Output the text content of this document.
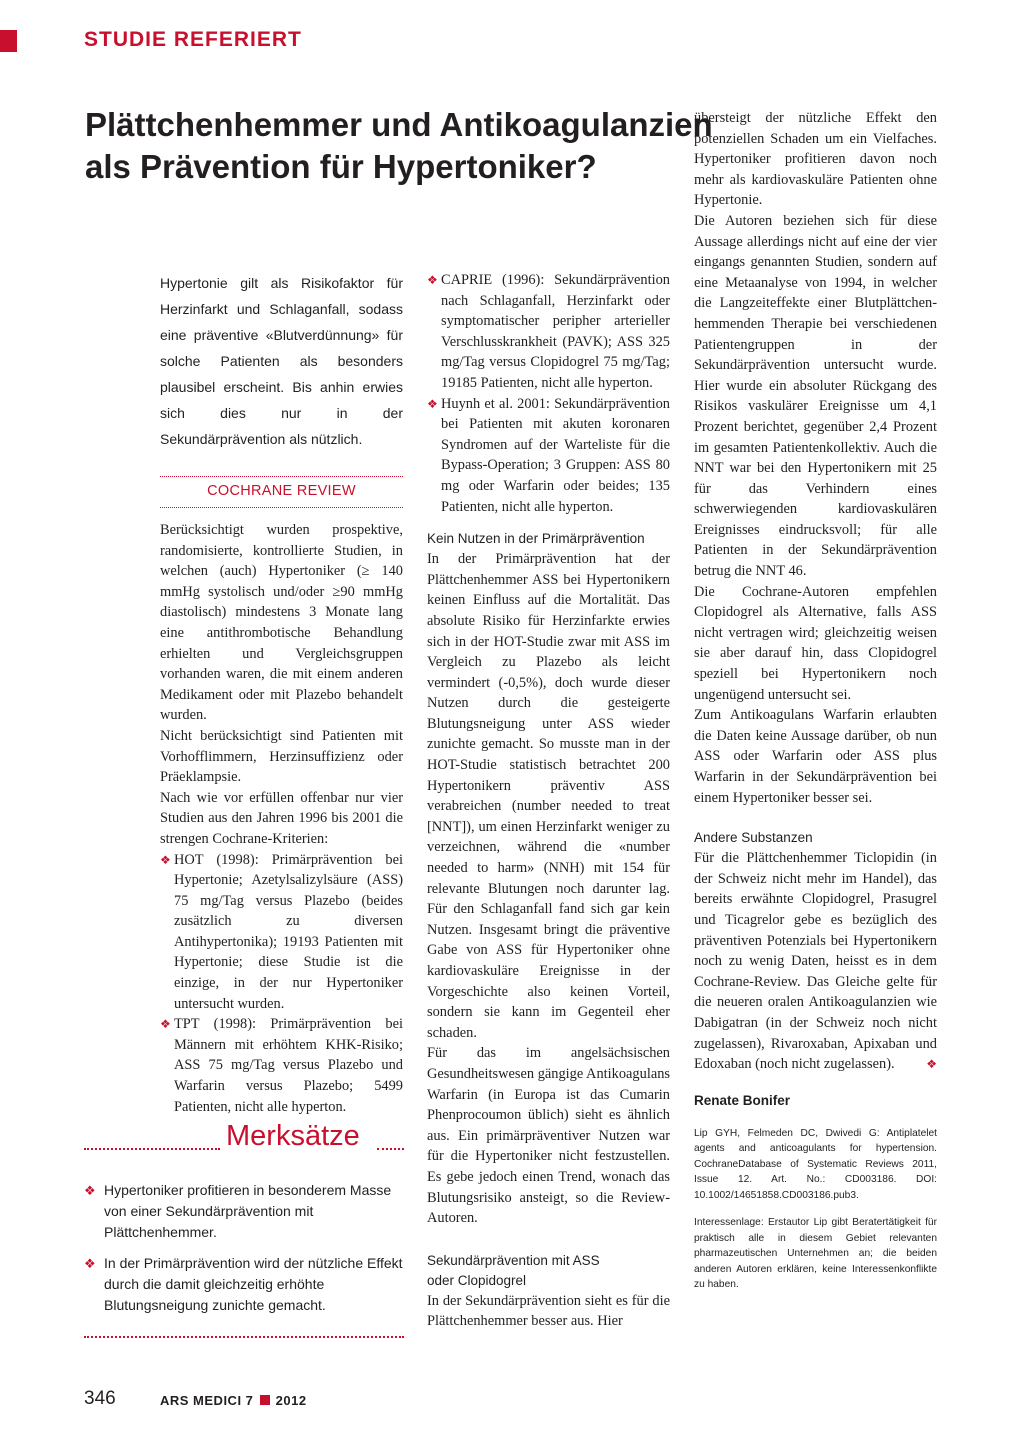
STUDIE REFERIERT
Plättchenhemmer und Antikoagulanzien
als Prävention für Hypertoniker?

Hypertonie gilt als Risikofaktor für Herzinfarkt und Schlaganfall, sodass eine präventive «Blutverdünnung» für solche Patienten als besonders plausibel erscheint. Bis anhin erwies sich dies nur in der Sekundärprävention als nützlich.

COCHRANE REVIEW

Berücksichtigt wurden prospektive, randomisierte, kontrollierte Studien, in welchen (auch) Hypertoniker (≥ 140 mmHg systolisch und/oder ≥90 mmHg diastolisch) mindestens 3 Monate lang eine antithrombotische Behandlung erhielten und Vergleichsgruppen vorhanden waren, die mit einem anderen Medikament oder mit Plazebo behandelt wurden.

Nicht berücksichtigt sind Patienten mit Vorhofflimmern, Herzinsuffizienz oder Präeklampsie.

Nach wie vor erfüllen offenbar nur vier Studien aus den Jahren 1996 bis 2001 die strengen Cochrane-Kriterien:

❖ HOT (1998): Primärprävention bei Hypertonie; Azetylsalizylsäure (ASS) 75 mg/Tag versus Plazebo (beides zusätzlich zu diversen Antihypertonika); 19193 Patienten mit Hypertonie; diese Studie ist die einzige, in der nur Hypertoniker untersucht wurden.
❖ TPT (1998): Primärprävention bei Männern mit erhöhtem KHK-Risiko; ASS 75 mg/Tag versus Plazebo und Warfarin versus Plazebo; 5499 Patienten, nicht alle hyperton.
Merksätze
❖ Hypertoniker profitieren in besonderem Masse von einer Sekundärprävention mit Plättchenhemmer.
❖ In der Primärprävention wird der nützliche Effekt durch die damit gleichzeitig erhöhte Blutungsneigung zunichte gemacht.
❖ CAPRIE (1996): Sekundärprävention nach Schlaganfall, Herzinfarkt oder symptomatischer peripher arterieller Verschlusskrankheit (PAVK); ASS 325 mg/Tag versus Clopidogrel 75 mg/Tag; 19185 Patienten, nicht alle hyperton.
❖ Huynh et al. 2001: Sekundärprävention bei Patienten mit akuten koronaren Syndromen auf der Warteliste für die Bypass-Operation; 3 Gruppen: ASS 80 mg oder Warfarin oder beides; 135 Patienten, nicht alle hyperton.
Kein Nutzen in der Primärprävention

In der Primärprävention hat der Plättchenhemmer ASS bei Hypertonikern keinen Einfluss auf die Mortalität. Das absolute Risiko für Herzinfarkte erwies sich in der HOT-Studie zwar mit ASS im Vergleich zu Plazebo als leicht vermindert (-0,5%), doch wurde dieser Nutzen durch die gesteigerte Blutungsneigung unter ASS wieder zunichte gemacht. So musste man in der HOT-Studie statistisch betrachtet 200 Hypertonikern präventiv ASS verabreichen (number needed to treat [NNT]), um einen Herzinfarkt weniger zu verzeichnen, während die «number needed to harm» (NNH) mit 154 für relevante Blutungen noch darunter lag. Für den Schlaganfall fand sich gar kein Nutzen. Insgesamt bringt die präventive Gabe von ASS für Hypertoniker ohne kardiovaskuläre Ereignisse in der Vorgeschichte also keinen Vorteil, sondern sie kann im Gegenteil eher schaden.

Für das im angelsächsischen Gesundheitswesen gängige Antikoagulans Warfarin (in Europa ist das Cumarin Phenprocoumon üblich) sieht es ähnlich aus. Ein primärpräventiver Nutzen war für die Hypertoniker nicht festzustellen. Es gebe jedoch einen Trend, wonach das Blutungsrisiko ansteigt, so die Review-Autoren.

Sekundärprävention mit ASS
oder Clopidogrel

In der Sekundärprävention sieht es für die Plättchenhemmer besser aus. Hier

übersteigt der nützliche Effekt den potenziellen Schaden um ein Vielfaches. Hypertoniker profitieren davon noch mehr als kardiovaskuläre Patienten ohne Hypertonie.

Die Autoren beziehen sich für diese Aussage allerdings nicht auf eine der vier eingangs genannten Studien, sondern auf eine Metaanalyse von 1994, in welcher die Langzeiteffekte einer Blutplättchen-hemmenden Therapie bei verschiedenen Patientengruppen in der Sekundärprävention untersucht wurde. Hier wurde ein absoluter Rückgang des Risikos vaskulärer Ereignisse um 4,1 Prozent berichtet, gegenüber 2,4 Prozent im gesamten Patientenkollektiv. Auch die NNT war bei den Hypertonikern mit 25 für das Verhindern eines schwerwiegenden kardiovaskulären Ereignisses eindrucksvoll; für alle Patienten in der Sekundärprävention betrug die NNT 46.

Die Cochrane-Autoren empfehlen Clopidogrel als Alternative, falls ASS nicht vertragen wird; gleichzeitig weisen sie aber darauf hin, dass Clopidogrel speziell bei Hypertonikern noch ungenügend untersucht sei.

Zum Antikoagulans Warfarin erlaubten die Daten keine Aussage darüber, ob nun ASS oder Warfarin oder ASS plus Warfarin in der Sekundärprävention bei einem Hypertoniker besser sei.

Andere Substanzen

Für die Plättchenhemmer Ticlopidin (in der Schweiz nicht mehr im Handel), das bereits erwähnte Clopidogrel, Prasugrel und Ticagrelor gebe es bezüglich des präventiven Potenzials bei Hypertonikern noch zu wenig Daten, heisst es in dem Cochrane-Review. Das Gleiche gelte für die neueren oralen Antikoagulanzien wie Dabigatran (in der Schweiz noch nicht zugelassen), Rivaroxaban, Apixaban und Edoxaban (noch nicht zugelassen).	❖

Renate Bonifer

Lip GYH, Felmeden DC, Dwivedi G: Antiplatelet agents and anticoagulants for hypertension. CochraneDatabase of Systematic Reviews 2011, Issue 12. Art. No.: CD003186. DOI: 10.1002/14651858.CD003186.pub3.

Interessenlage: Erstautor Lip gibt Beratertätigkeit für praktisch alle in diesem Gebiet relevanten pharmazeutischen Unternehmen an; die beiden anderen Autoren erklären, keine Interessenkonflikte zu haben.

346	ARS MEDICI 7 2012
